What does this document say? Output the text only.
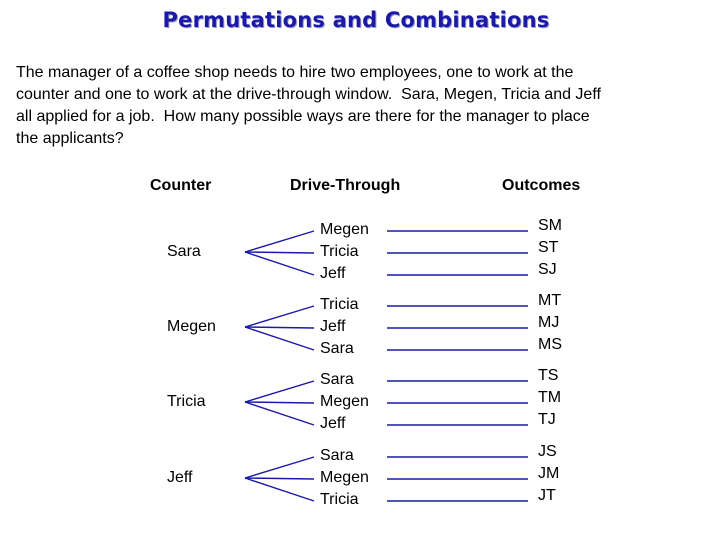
Permutations and Combinations
The manager of a coffee shop needs to hire two employees, one to work at the
counter and one to work at the drive-through window.  Sara, Megen, Tricia and Jeff
all applied for a job.  How many possible ways are there for the manager to place
the applicants?
Counter	Drive-Through	Outcomes
Sara
Megen
Tricia
Jeff
SM
ST
SJ
Megen
Tricia
Jeff
Sara
MT
MJ
MS
Tricia
Sara
Megen
Jeff
TS
TM
TJ
Jeff
Sara
Megen
Tricia
JS
JM
JT
